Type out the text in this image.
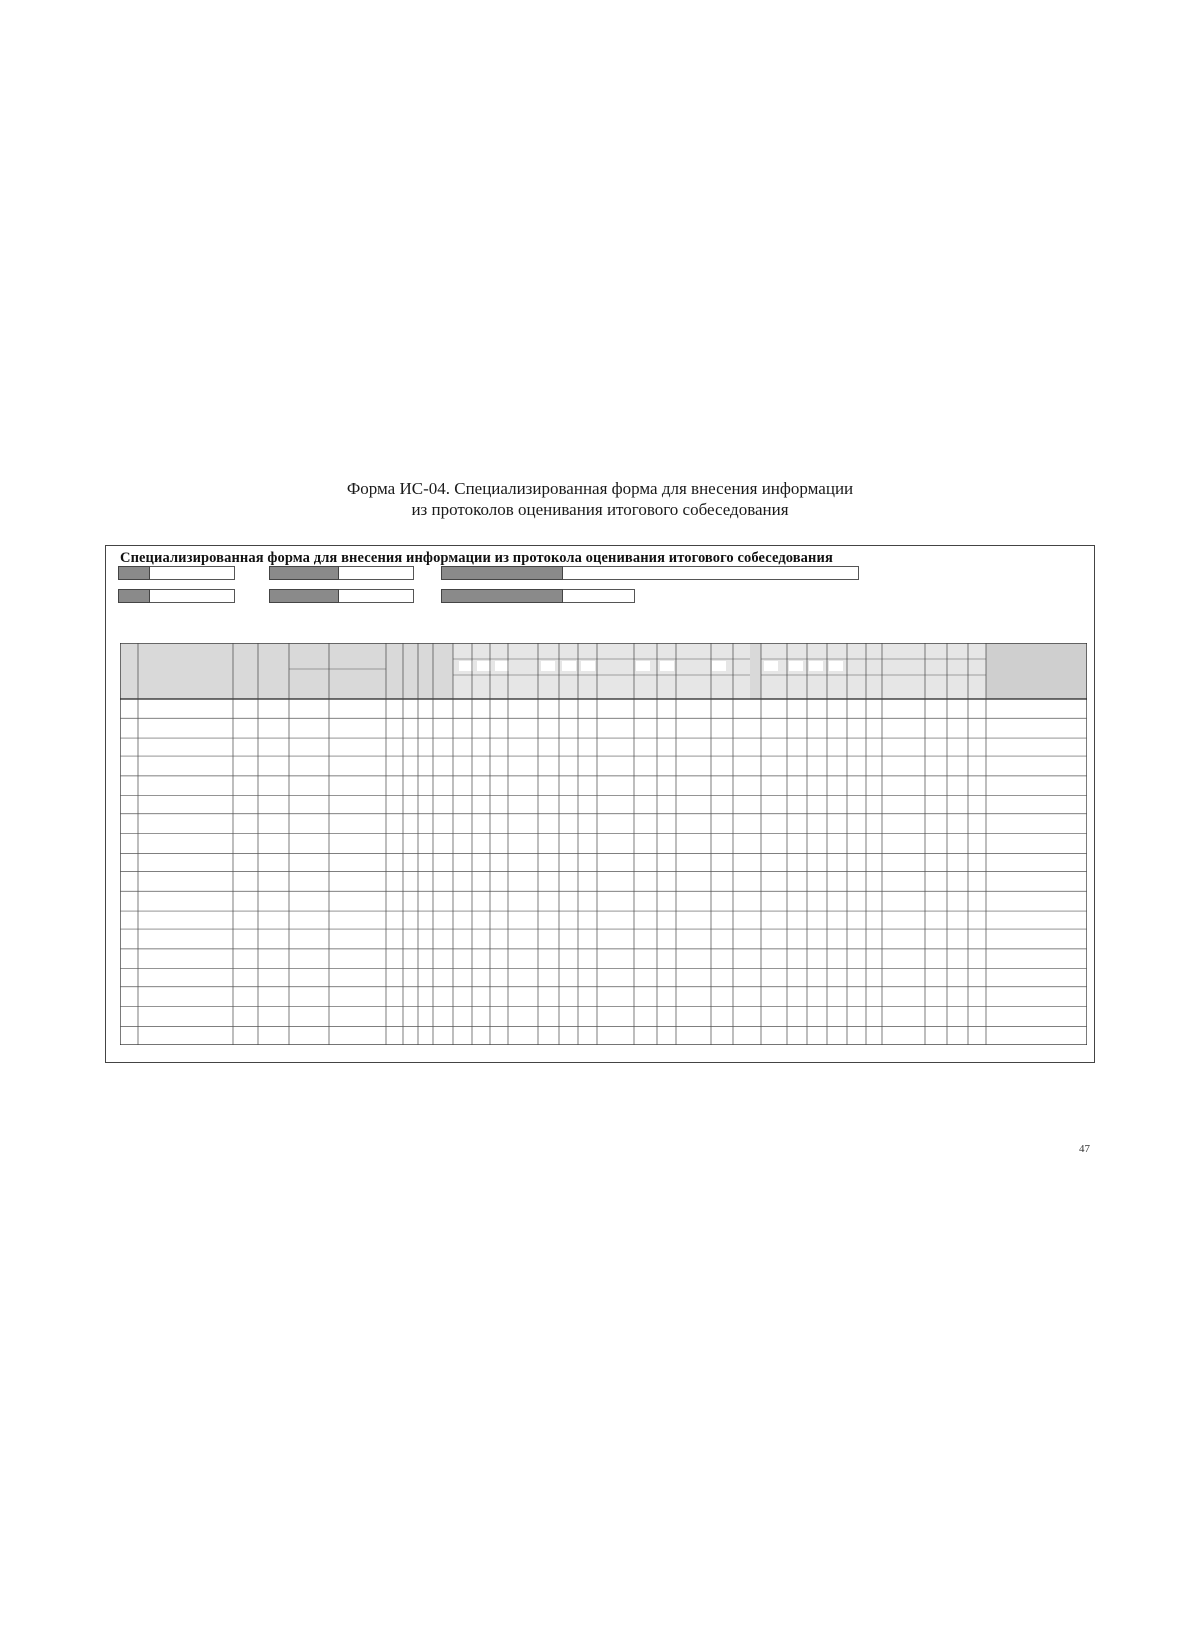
Форма ИС-04. Специализированная форма для внесения информации
из протоколов оценивания итогового собеседования
Специализированная форма для внесения информации из протокола оценивания итогового собеседования
47
